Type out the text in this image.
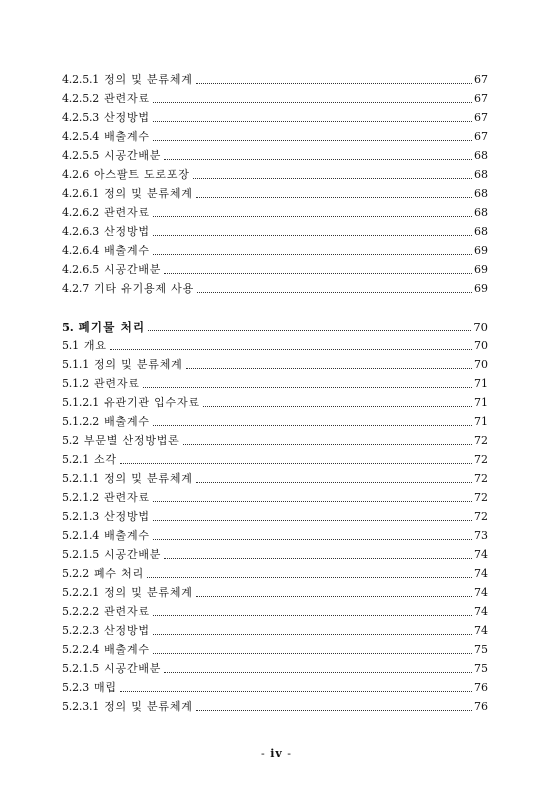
4.2.5.1 정의 및 분류체계	67
4.2.5.2 관련자료	67
4.2.5.3 산정방법	67
4.2.5.4 배출계수	67
4.2.5.5 시공간배분	68
4.2.6 아스팔트 도로포장	68
4.2.6.1 정의 및 분류체계	68
4.2.6.2 관련자료	68
4.2.6.3 산정방법	68
4.2.6.4 배출계수	69
4.2.6.5 시공간배분	69
4.2.7 기타 유기용제 사용	69
5. 폐기물 처리	70
5.1 개요	70
5.1.1 정의 및 분류체계	70
5.1.2 관련자료	71
5.1.2.1 유관기관 입수자료	71
5.1.2.2 배출계수	71
5.2 부문별 산정방법론	72
5.2.1 소각	72
5.2.1.1 정의 및 분류체계	72
5.2.1.2 관련자료	72
5.2.1.3 산정방법	72
5.2.1.4 배출계수	73
5.2.1.5 시공간배분	74
5.2.2 폐수 처리	74
5.2.2.1 정의 및 분류체계	74
5.2.2.2 관련자료	74
5.2.2.3 산정방법	74
5.2.2.4 배출계수	75
5.2.1.5 시공간배분	75
5.2.3 매립	76
5.2.3.1 정의 및 분류체계	76
- iv -
